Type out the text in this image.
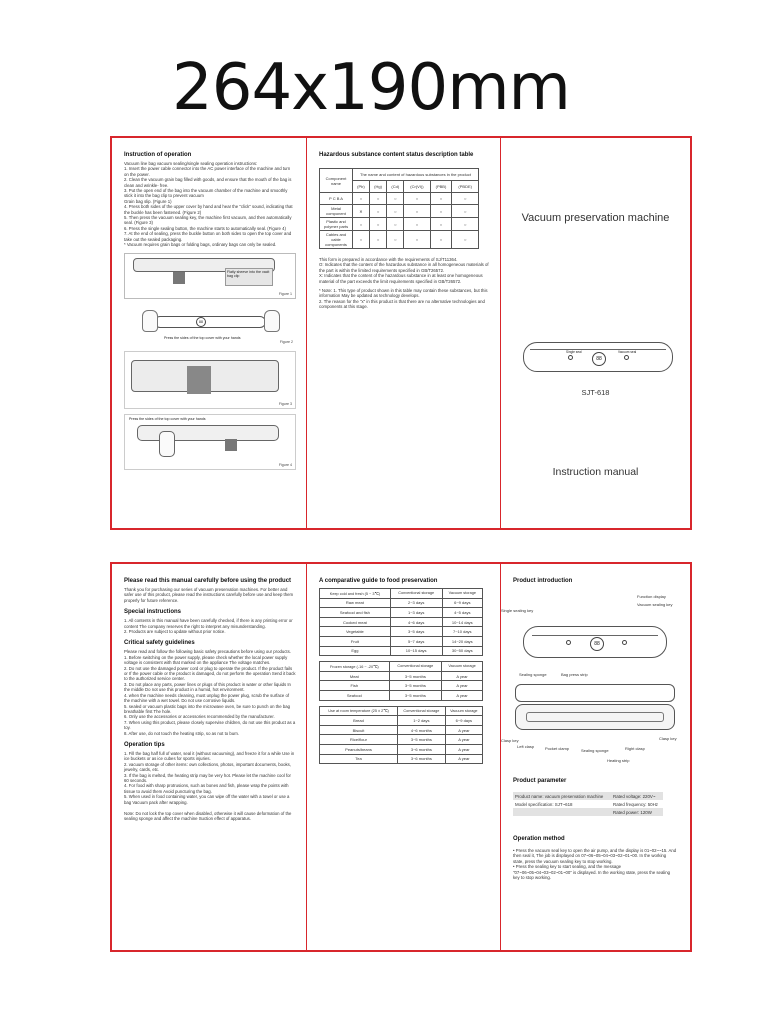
264x190mm
Instruction of operation

Vacuum line bag vacuum sealing/single sealing operation instructions:

1. Insert the power cable connector into the AC power interface of the machine and turn on the power.

2. Clean the vacuum grain bag filled with goods, and ensure that the mouth of the bag is clean and wrinkle- free.

3. Put the open end of the bag into the vacuum chamber of the machine and smoothly stick it into the bag clip to prevent vacuum

Grain bag slip. (Figure 1)

4. Press both sides of the upper cover by hand and hear the "click" sound, indicating that the buckle has been fastened. (Figure 2)

5. Then press the vacuum sealing key, the machine first vacuum, and then automatically seal. (Figure 3)

6. Press the single sealing button, the machine starts to automatically seal. (Figure 4)

7. At the end of sealing, press the buckle button on both sides to open the top cover and take out the sealed packaging.

* Vacuum requires grain bags or folding bags, ordinary bags can only be sealed.

Flatly sheeve into the vacit bag clip
Figure 1
88
Press the sides of the top cover with your hands
Figure 2
Figure 3
Press the sides of the top cover with your hands
Figure 4
Hazardous substance content status description table
Component name	The name and content of hazardous substances in the product					
	(Pb)	(Hg)	(Cd)	(Cr(VI))	(PBB)	(PBDE)
P C B A	○	○	○	○	○	○
Metal component	✕	○	○	○	○	○
Plastic and polymer parts	○	○	○	○	○	○
Cables and cable components	○	○	○	○	○	○

This form is prepared in accordance with the requirements of SJ/T11364.

O: Indicates that the content of the hazardous substance in all homogeneous materials of the part is within the limited requirements specified in GB/T26572.

X: Indicates that the content of the hazardous substance in at least one homogeneous material of the part exceeds the limit requirements specified in GB/T26572.

* Note: 1. This type of product shown in this table may contain these substances, but this information May be updated as technology develops.

2. The reason for the "x" in this product is that there are no alternative technologies and components at this stage.

Vacuum preservation machine
Single seal	Vacuum seal
88
SJT-618
Instruction manual
Please read this manual carefully before using the product

Thank you for purchasing our series of vacuum preservation machines. For better and safer use of this product, please read the instructions carefully before use and keep them properly for future reference.

Special instructions

1. All contents in this manual have been carefully checked, if there is any printing error or content The company reserves the right to interpret any misunderstanding.

2. Products are subject to update without prior notice.

Critical safety guidelines

Please read and follow the following basic safety precautions before using our products.

1. Before switching on the power supply, please check whether the local power supply voltage is consistent with that marked on the appliance The voltage matches.

2. Do not use the damaged power cord or plug to operate the product. If the product fails or If the power cable or the product is damaged, do not perform the operation Send it back to the authorized service center.

3. Do not place any parts, power lines or plugs of this product in water or other liquids In the middle Do not use this product in a humid, hot environment.

4. when the machine needs cleaning, must unplug the power plug, scrub the surface of the machine with a wet towel. Do not use corrosive liquids.

5. sealed or vacuum plastic bags into the microwave oven, be sure to punch on the bag breathable first The hole.

6. Only use the accessories or accessories recommended by the manufacturer.

7. When using this product, please closely supervise children, do not use this product as a toy.

8. After use, do not touch the heating strip, so as not to burn.

Operation tips

1. Fill the bag half full of water, seal it (without vacuuming), and freeze it for a while Use in ice buckets or as ice cubes for sports injuries.

2. vacuum storage of other items: own collections, photos, important documents, books, jewelry, cards, etc.

3. If the bag is melted, the heating strip may be very hot. Please let the machine cool for 60 seconds.

4. For food with sharp protrusions, such as bones and fish, please wrap the points with tissue to avoid them Avoid puncturing the bag.

5. When used in food containing water, you can wipe off the water with a towel or use a bag Vacuum pack after wrapping.

Note: Do not lock the top cover when disabled, otherwise it will cause deformation of the sealing sponge and affect the machine Suction effect of apparatus.

A comparative guide to food preservation
Keep cold and fresh (5 ~ 3℃)	Conventional storage	Vacuum storage
Raw meat	2~3 days	6~9 days
Seafood and fish	1~3 days	4~5 days
Cooked meat	4~6 days	10~14 days
Vegetable	3~5 days	7~10 days
Fruit	5~7 days	14~20 days
Egg	10~15 days	30~50 days
Frozen storage (-16 ~ -20℃)	Conventional storage	Vacuum storage
Meat	3~5 months	A year
Fish	3~5 months	A year
Seafood	3~5 months	A year
Use at room temperature (25 ± 2℃)	Conventional storage	Vacuum storage
Bread	1~2 days	6~9 days
Biscuit	4~6 months	A year
Rice/flour	3~5 months	A year
Peanuts/beans	3~6 months	A year
Tea	3~6 months	A year
Product introduction
Function display
Vacuum sealing key
Single sealing key
88
Sealing sponge	Bag press strip
Clasp key
Left clasp	Pocket clamp	Sealing sponge	Right clasp
Clasp key
Heating strip
Product parameter
Product name: vacuum preservation machine	Rated voltage: 220V~
Model specification: SJT~618	Rated frequency: 50Hz
	Rated power: 120W
Operation method

• Press the vacuum seal key to open the air pump, and the display is 01~02~~15. And then seal it, The job is displayed on 07~06~05~04~03~02~01~00. In the working state, press the vacuum sealing key to stop working.

• Press the sealing key to start sealing, and the message "07~06~05~04~03~02~01~00" is displayed. In the working state, press the sealing key to stop working.
